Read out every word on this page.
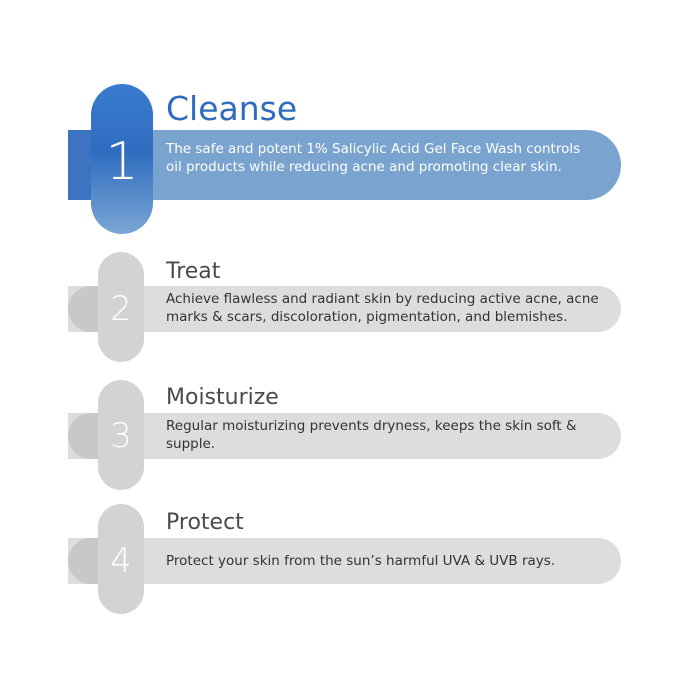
1
Cleanse

The safe and potent 1% Salicylic Acid Gel Face Wash controls oil products while reducing acne and promoting clear skin.

2
Treat

Achieve flawless and radiant skin by reducing active acne, acne marks & scars, discoloration, pigmentation, and blemishes.

3
Moisturize

Regular moisturizing prevents dryness, keeps the skin soft & supple.

4
Protect

Protect your skin from the sun’s harmful UVA & UVB rays.
